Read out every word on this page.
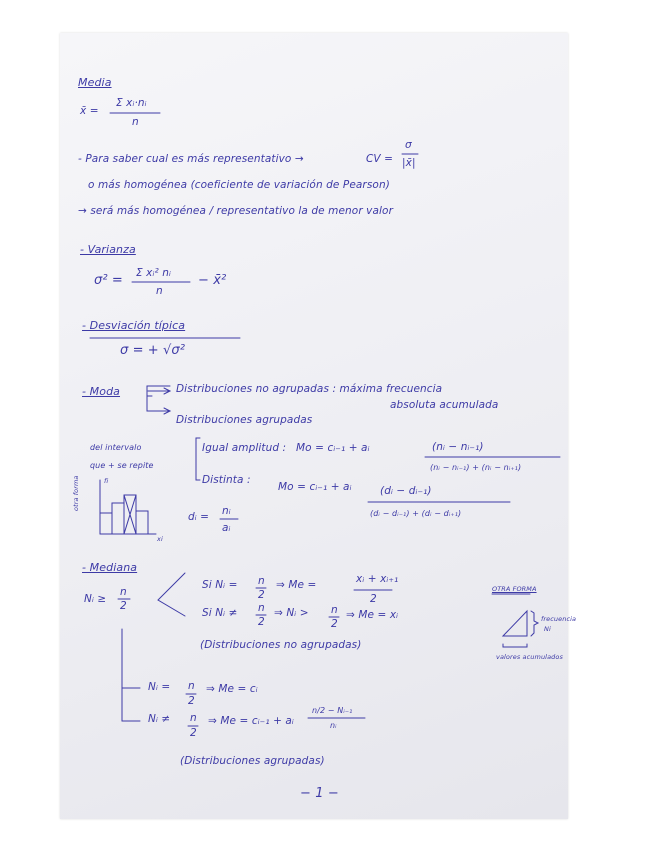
Media
x̄ =
Σ xᵢ·nᵢ
n
- Para saber cual es más representativo →	CV =
σ
|x̄|
o más homogénea (coeficiente de variación de Pearson)
→ será más homogénea / representativo la de menor valor
- Varianza
σ² = Σ xᵢ² nᵢ
n
− x̄²
- Desviación típica
σ = + √σ²
- Moda	Distribuciones no agrupadas : máxima frecuencia
absoluta acumulada
Distribuciones agrupadas
del intervalo
que + se repite
otra forma	fi
xi
Igual amplitud : Mo = cᵢ₋₁ + aᵢ	(nᵢ − nᵢ₋₁)
(nᵢ − nᵢ₋₁) + (nᵢ − nᵢ₊₁)
Distinta :
Mo = cᵢ₋₁ + aᵢ	(dᵢ − dᵢ₋₁)
(dᵢ − dᵢ₋₁) + (dᵢ − dᵢ₊₁)
dᵢ = nᵢ
aᵢ
- Mediana
Nᵢ ≥
n
2
Si Nᵢ = n
2
⇒ Me =	xᵢ + xᵢ₊₁
2
Si Nᵢ ≠ n
2
⇒ Nᵢ > n
2
⇒ Me = xᵢ
(Distribuciones no agrupadas)
Nᵢ = n
2
⇒ Me = cᵢ
Nᵢ ≠ n
2
⇒ Me = cᵢ₋₁ + aᵢ
n/2 − Nᵢ₋₁
nᵢ
(Distribuciones agrupadas)
OTRA FORMA
frecuencia
Ni
valores acumulados
− 1 −
